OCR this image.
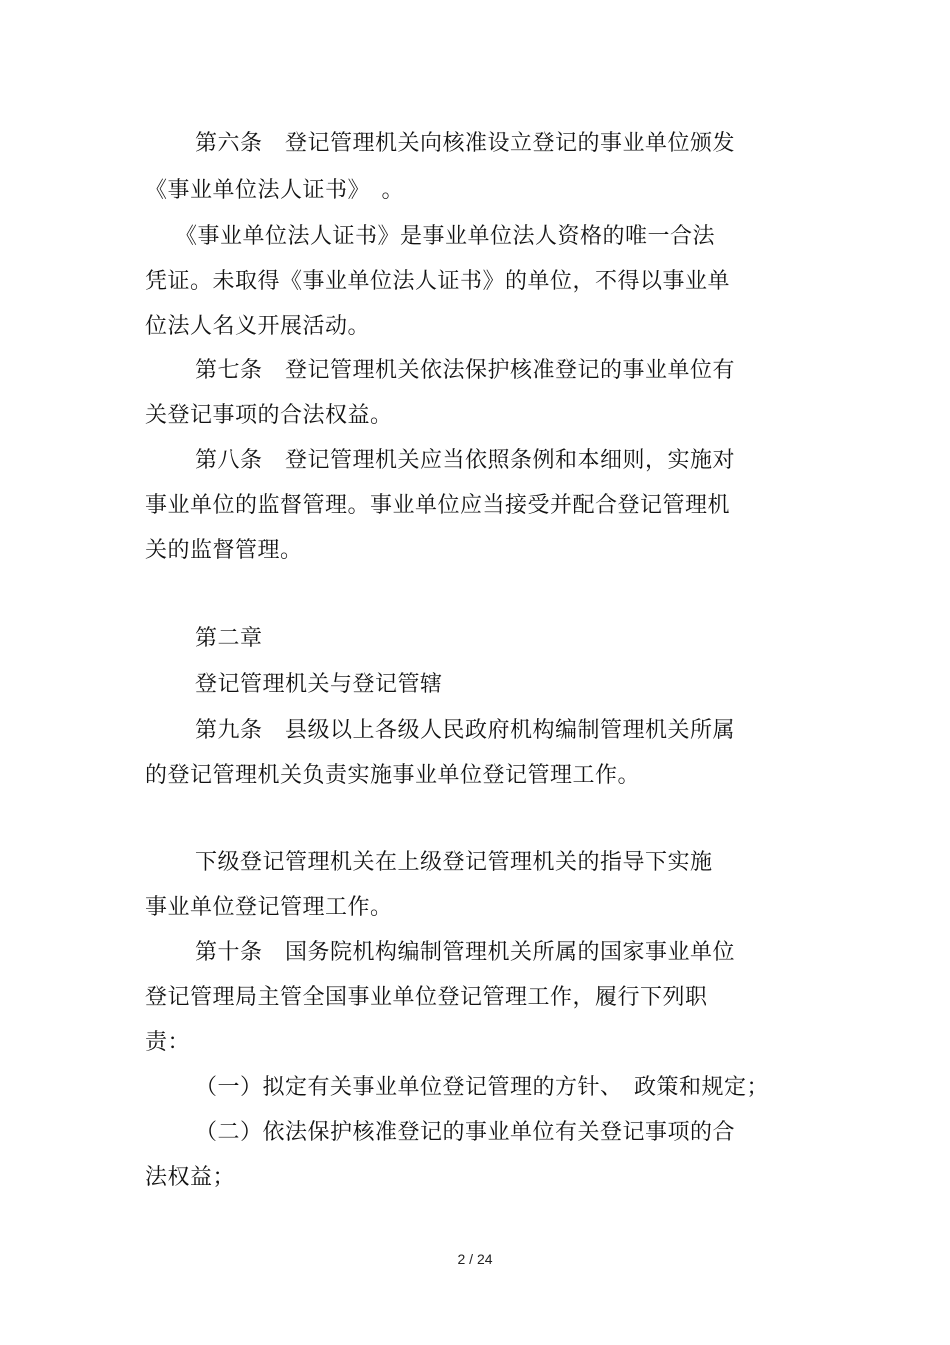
第六条　登记管理机关向核准设立登记的事业单位颁发
《事业单位法人证书》　。
《事业单位法人证书》是事业单位法人资格的唯一合法
凭证。未取得《事业单位法人证书》的单位，不得以事业单
位法人名义开展活动。
第七条　登记管理机关依法保护核准登记的事业单位有
关登记事项的合法权益。
第八条　登记管理机关应当依照条例和本细则，实施对
事业单位的监督管理。事业单位应当接受并配合登记管理机
关的监督管理。
第二章
登记管理机关与登记管辖
第九条　县级以上各级人民政府机构编制管理机关所属
的登记管理机关负责实施事业单位登记管理工作。
下级登记管理机关在上级登记管理机关的指导下实施
事业单位登记管理工作。
第十条　国务院机构编制管理机关所属的国家事业单位
登记管理局主管全国事业单位登记管理工作，履行下列职
责：
（一）拟定有关事业单位登记管理的方针、　政策和规定；
（二）依法保护核准登记的事业单位有关登记事项的合
法权益；
2 / 24
